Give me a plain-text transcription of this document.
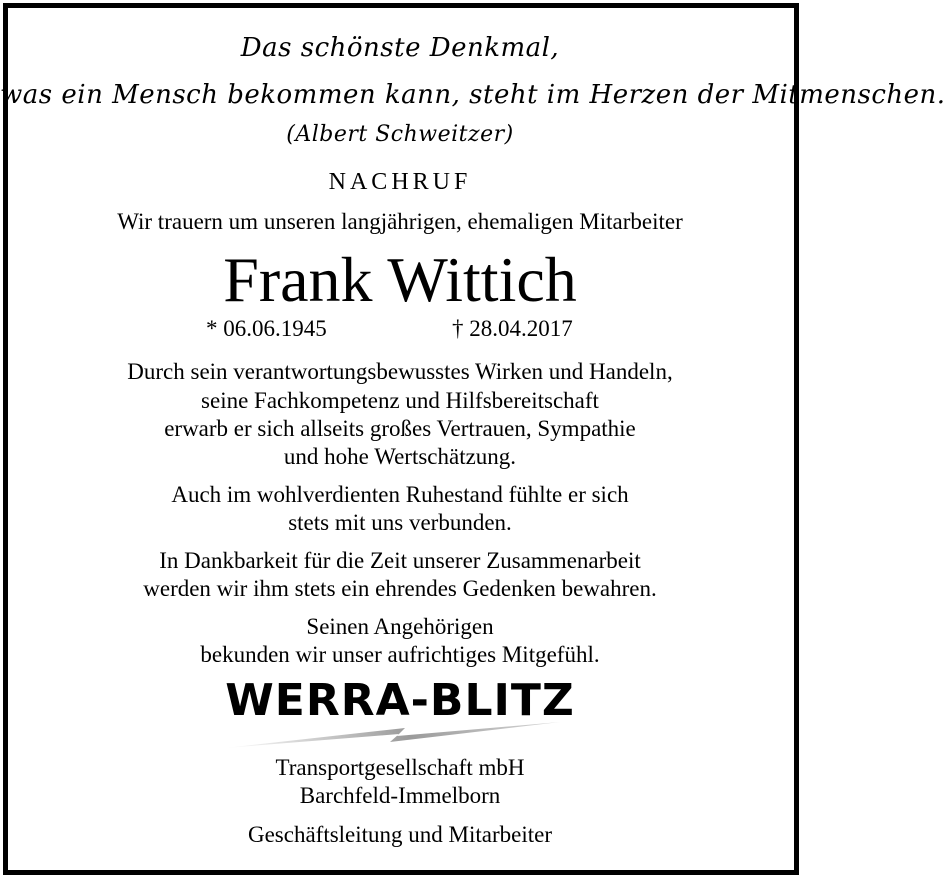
Das schönste Denkmal,
was ein Mensch bekommen kann, steht im Herzen der Mitmenschen.
(Albert Schweitzer)
NACHRUF
Wir trauern um unseren langjährigen, ehemaligen Mitarbeiter
Frank Wittich
* 06.06.1945	† 28.04.2017
Durch sein verantwortungsbewusstes Wirken und Handeln,
seine Fachkompetenz und Hilfsbereitschaft
erwarb er sich allseits großes Vertrauen, Sympathie
und hohe Wertschätzung.
Auch im wohlverdienten Ruhestand fühlte er sich
stets mit uns verbunden.
In Dankbarkeit für die Zeit unserer Zusammenarbeit
werden wir ihm stets ein ehrendes Gedenken bewahren.
Seinen Angehörigen
bekunden wir unser aufrichtiges Mitgefühl.
WERRA-BLITZ
Transportgesellschaft mbH
Barchfeld-Immelborn
Geschäftsleitung und Mitarbeiter
